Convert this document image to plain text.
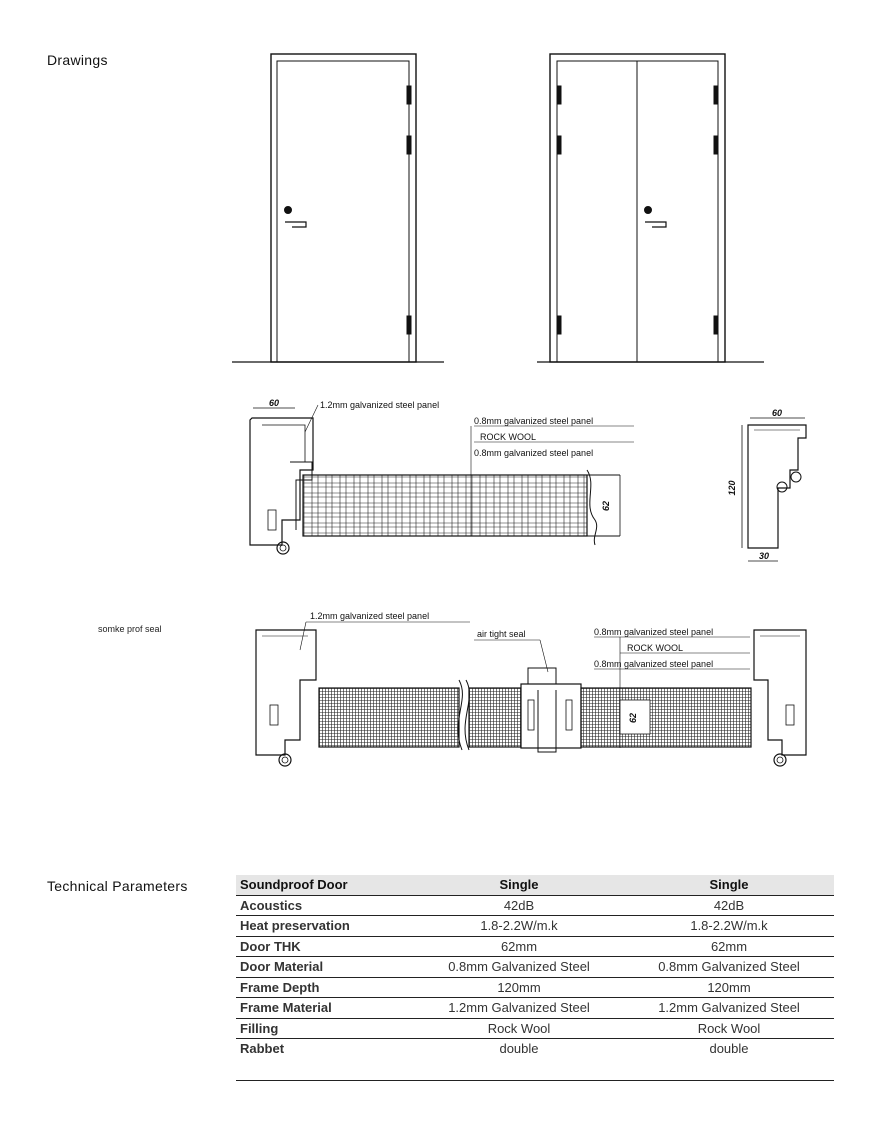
Drawings
somke prof seal
Technical Parameters
60	1.2mm galvanized steel panel
0.8mm galvanized steel panel
ROCK WOOL
0.8mm galvanized steel panel
62
60
120
30
1.2mm galvanized steel panel
air tight seal	0.8mm galvanized steel panel
ROCK WOOL
0.8mm galvanized steel panel
62
Soundproof Door	Single	Single
Acoustics	42dB	42dB
Heat preservation	1.8-2.2W/m.k	1.8-2.2W/m.k
Door THK	62mm	62mm
Door Material	0.8mm Galvanized Steel	0.8mm Galvanized Steel
Frame Depth	120mm	120mm
Frame Material	1.2mm Galvanized Steel	1.2mm Galvanized Steel
Filling	Rock Wool	Rock Wool
Rabbet	double	double
